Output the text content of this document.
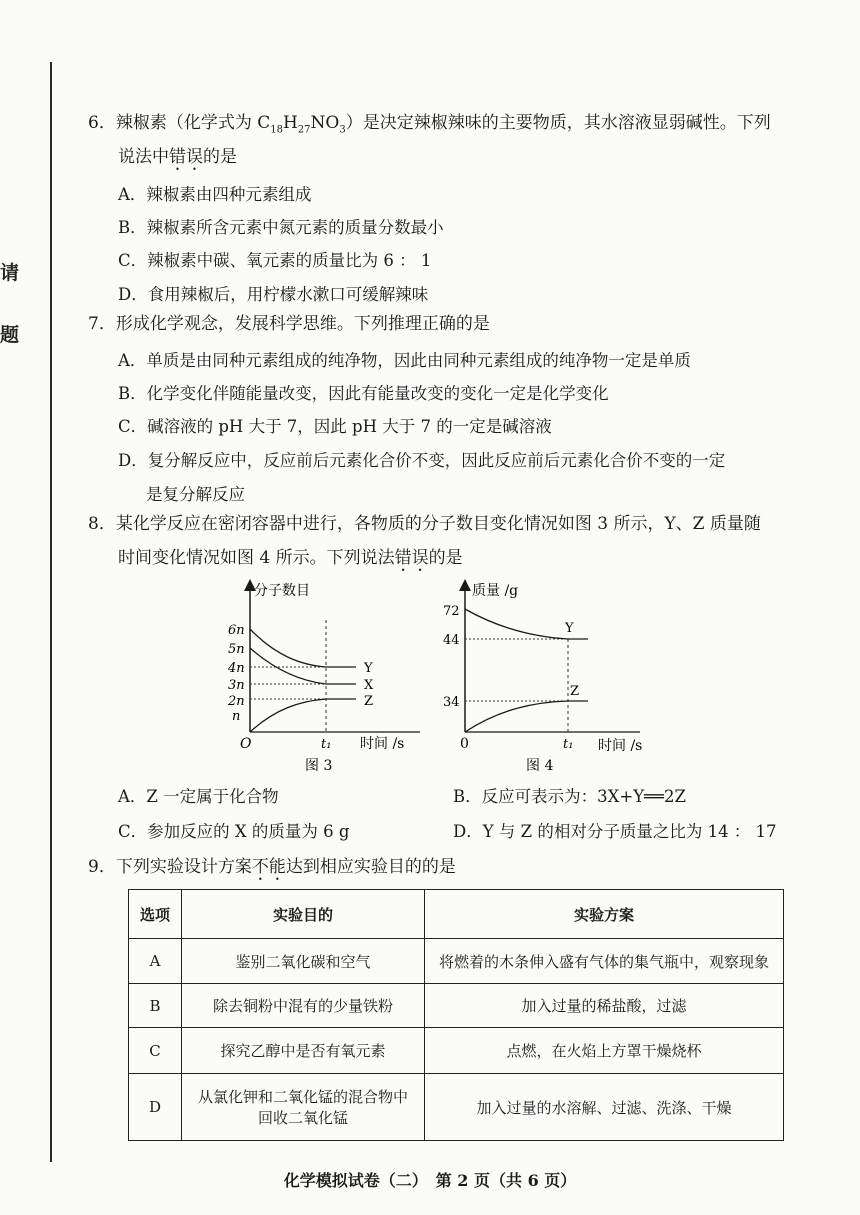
请
题
6．辣椒素（化学式为 $C_{18}H_{27}NO_3$）是决定辣椒辣味的主要物质，其水溶液显弱碱性。下列
说法中错误的是
A．辣椒素由四种元素组成
B．辣椒素所含元素中氮元素的质量分数最小
C．辣椒素中碳、氧元素的质量比为 6 ： 1
D．食用辣椒后，用柠檬水漱口可缓解辣味
7．形成化学观念，发展科学思维。下列推理正确的是
A．单质是由同种元素组成的纯净物，因此由同种元素组成的纯净物一定是单质
B．化学变化伴随能量改变，因此有能量改变的变化一定是化学变化
C．碱溶液的 pH 大于 7，因此 pH 大于 7 的一定是碱溶液
D．复分解反应中，反应前后元素化合价不变，因此反应前后元素化合价不变的一定
是复分解反应
8．某化学反应在密闭容器中进行，各物质的分子数目变化情况如图 3 所示，Y、Z 质量随
时间变化情况如图 4 所示。下列说法错误的是
分子数目
6n
5n
4n
3n
2n
n
Y
X
Z
O	t₁ 时间 /s
图 3
质量 /g
72
44
34
Y
Z
0	t₁ 时间 /s
图 4
A．Z 一定属于化合物	B．反应可表示为：3X+Y══2Z
C．参加反应的 X 的质量为 6 g	D．Y 与 Z 的相对分子质量之比为 14 ： 17
9．下列实验设计方案不能达到相应实验目的的是
选项	实验目的	实验方案
A	鉴别二氧化碳和空气	将燃着的木条伸入盛有气体的集气瓶中，观察现象
B	除去铜粉中混有的少量铁粉	加入过量的稀盐酸，过滤
C	探究乙醇中是否有氧元素	点燃，在火焰上方罩干燥烧杯
D	从氯化钾和二氧化锰的混合物中
回收二氧化锰	加入过量的水溶解、过滤、洗涤、干燥
化学模拟试卷（二）　第 2 页（共 6 页）
